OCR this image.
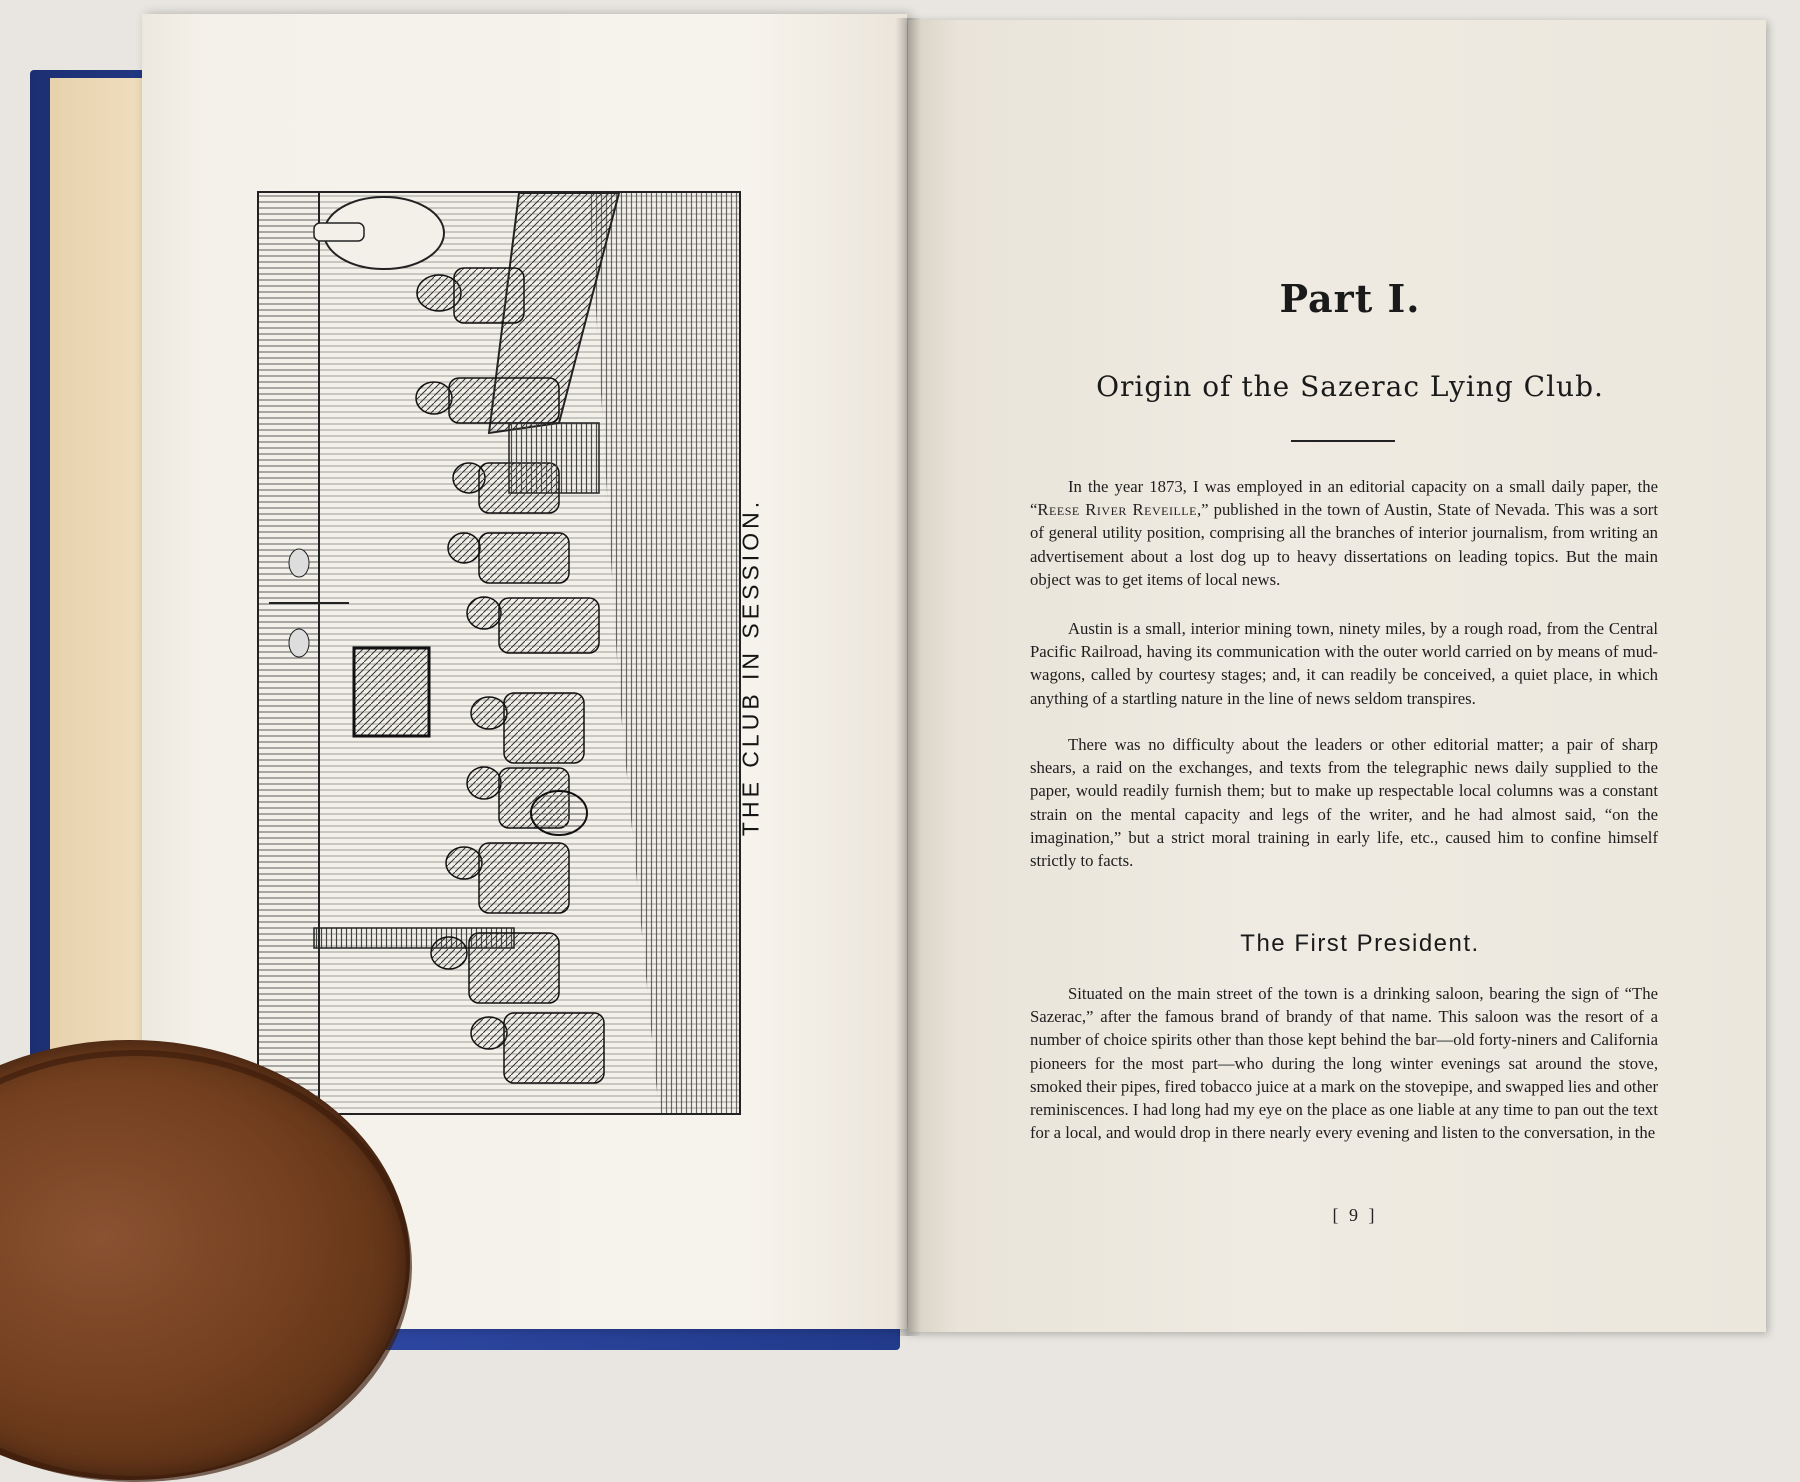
THE CLUB IN SESSION.
Part I.
Origin of the Sazerac Lying Club.

In the year 1873, I was employed in an editorial capacity on a small daily paper, the “Reese River Reveille,” published in the town of Austin, State of Nevada. This was a sort of general utility position, comprising all the branches of interior journalism, from writing an advertisement about a lost dog up to heavy dissertations on leading topics. But the main object was to get items of local news.

Austin is a small, interior mining town, ninety miles, by a rough road, from the Central Pacific Railroad, having its communication with the outer world carried on by means of mud-wagons, called by courtesy stages; and, it can readily be conceived, a quiet place, in which anything of a startling nature in the line of news seldom transpires.

There was no difficulty about the leaders or other editorial matter; a pair of sharp shears, a raid on the exchanges, and texts from the telegraphic news daily supplied to the paper, would readily furnish them; but to make up respectable local columns was a constant strain on the mental capacity and legs of the writer, and he had almost said, “on the imagination,” but a strict moral training in early life, etc., caused him to confine himself strictly to facts.

The First President.

Situated on the main street of the town is a drinking saloon, bearing the sign of “The Sazerac,” after the famous brand of brandy of that name. This saloon was the resort of a number of choice spirits other than those kept behind the bar—old forty-niners and California pioneers for the most part—who during the long winter evenings sat around the stove, smoked their pipes, fired tobacco juice at a mark on the stovepipe, and swapped lies and other reminiscences. I had long had my eye on the place as one liable at any time to pan out the text for a local, and would drop in there nearly every evening and listen to the conversation, in the

[ 9 ]
